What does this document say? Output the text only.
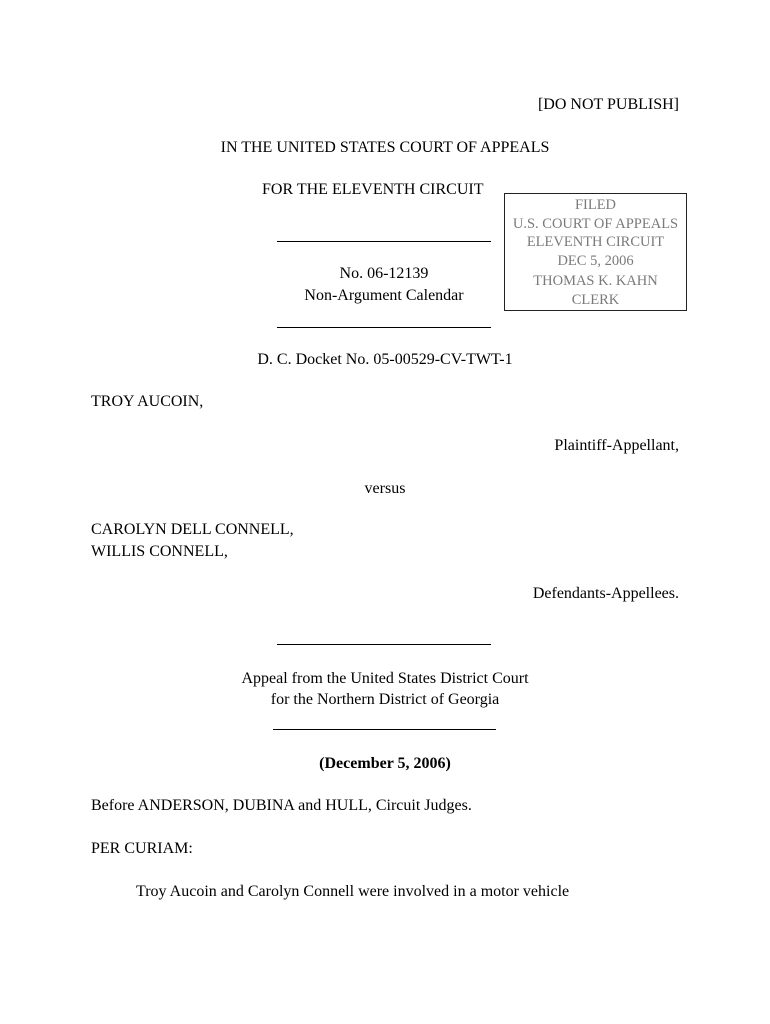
[DO NOT PUBLISH]
IN THE UNITED STATES COURT OF APPEALS
FOR THE ELEVENTH CIRCUIT
FILED
U.S. COURT OF APPEALS
ELEVENTH CIRCUIT
DEC 5, 2006
THOMAS K. KAHN
CLERK
No. 06-12139
Non-Argument Calendar
D. C. Docket No. 05-00529-CV-TWT-1
TROY AUCOIN,
Plaintiff-Appellant,
versus
CAROLYN DELL CONNELL,
WILLIS CONNELL,
Defendants-Appellees.
Appeal from the United States District Court
for the Northern District of Georgia
(December 5, 2006)
Before ANDERSON, DUBINA and HULL, Circuit Judges.
PER CURIAM:
Troy Aucoin and Carolyn Connell were involved in a motor vehicle
